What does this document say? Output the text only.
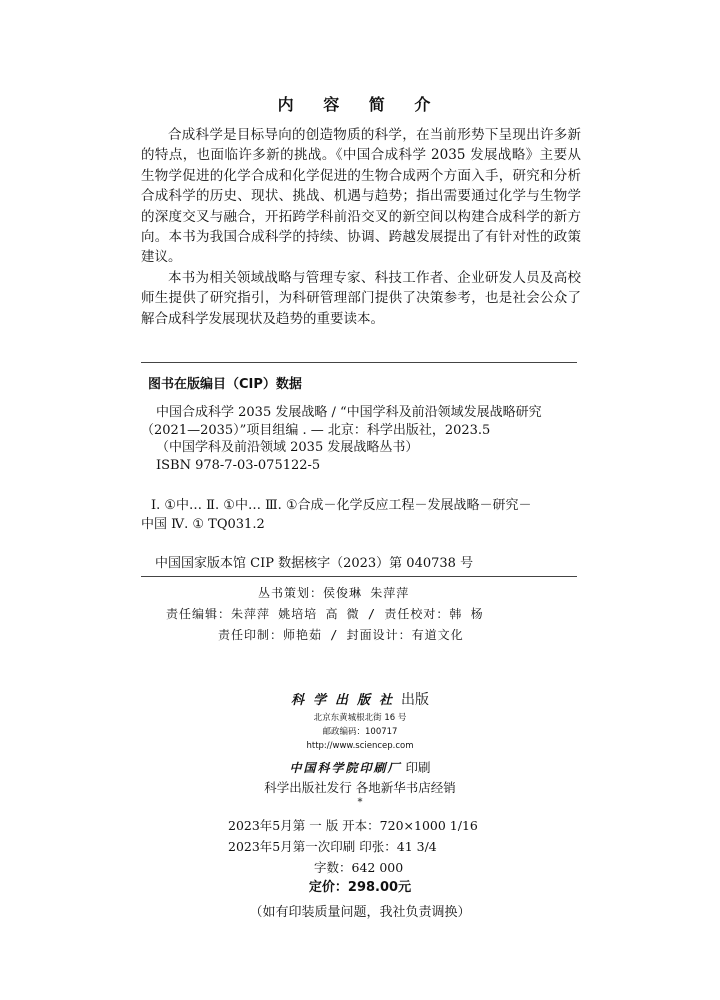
内 容 简 介

合成科学是目标导向的创造物质的科学，在当前形势下呈现出许多新的特点，也面临许多新的挑战。《中国合成科学 2035 发展战略》主要从生物学促进的化学合成和化学促进的生物合成两个方面入手，研究和分析合成科学的历史、现状、挑战、机遇与趋势；指出需要通过化学与生物学的深度交叉与融合，开拓跨学科前沿交叉的新空间以构建合成科学的新方向。本书为我国合成科学的持续、协调、跨越发展提出了有针对性的政策建议。

本书为相关领域战略与管理专家、科技工作者、企业研发人员及高校师生提供了研究指引，为科研管理部门提供了决策参考，也是社会公众了解合成科学发展现状及趋势的重要读本。

图书在版编目（CIP）数据
中国合成科学 2035 发展战略 / “中国学科及前沿领域发展战略研究
（2021—2035）”项目组编 . — 北京：科学出版社，2023.5
（中国学科及前沿领域 2035 发展战略丛书）
ISBN 978-7-03-075122-5
Ⅰ. ①中… Ⅱ. ①中… Ⅲ. ①合成－化学反应工程－发展战略－研究－
中国 Ⅳ. ① TQ031.2
中国国家版本馆 CIP 数据核字（2023）第 040738 号
丛书策划：侯俊琳 朱萍萍
责任编辑：朱萍萍 姚培培 高 微 / 责任校对：韩 杨
责任印制：师艳茹 / 封面设计：有道文化
科学出版社出版
北京东黄城根北街 16 号
邮政编码：100717
http://www.sciencep.com
中国科学院印刷厂 印刷
科学出版社发行 各地新华书店经销
*
2023年5月第 一 版 开本：720×1000 1/16
2023年5月第一次印刷 印张：41 3/4
字数：642 000
定价：298.00元
（如有印装质量问题，我社负责调换）
